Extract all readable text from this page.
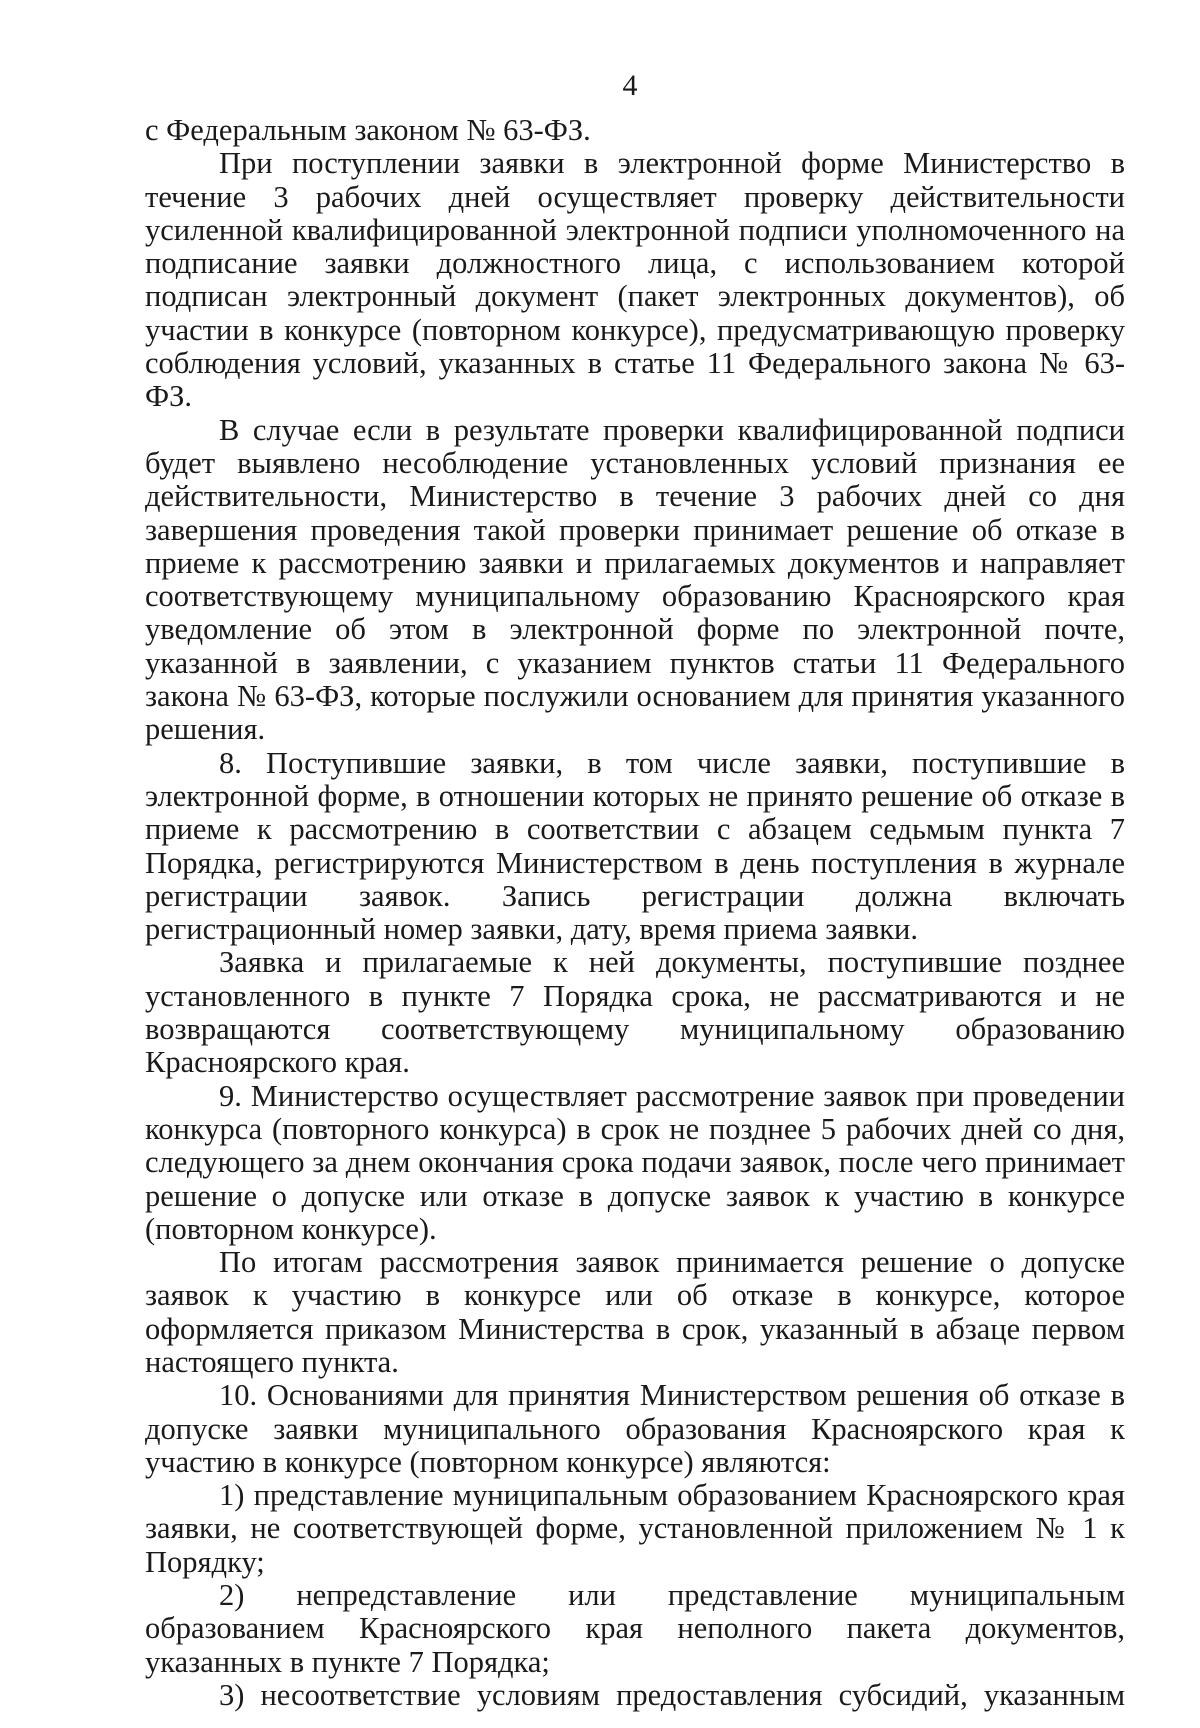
4

с Федеральным законом № 63-ФЗ.

При поступлении заявки в электронной форме Министерство в течение 3 рабочих дней осуществляет проверку действительности усиленной квалифицированной электронной подписи уполномоченного на подписание заявки должностного лица, с использованием которой подписан электронный документ (пакет электронных документов), об участии в конкурсе (повторном конкурсе), предусматривающую проверку соблюдения условий, указанных в статье 11 Федерального закона № 63-ФЗ.

В случае если в результате проверки квалифицированной подписи будет выявлено несоблюдение установленных условий признания ее действительности, Министерство в течение 3 рабочих дней со дня завершения проведения такой проверки принимает решение об отказе в приеме к рассмотрению заявки и прилагаемых документов и направляет соответствующему муниципальному образованию Красноярского края уведомление об этом в электронной форме по электронной почте, указанной в заявлении, с указанием пунктов статьи 11 Федерального закона № 63-ФЗ, которые послужили основанием для принятия указанного решения.

8. Поступившие заявки, в том числе заявки, поступившие в электронной форме, в отношении которых не принято решение об отказе в приеме к рассмотрению в соответствии с абзацем седьмым пункта 7 Порядка, регистрируются Министерством в день поступления в журнале регистрации заявок. Запись регистрации должна включать регистрационный номер заявки, дату, время приема заявки.

Заявка и прилагаемые к ней документы, поступившие позднее установленного в пункте 7 Порядка срока, не рассматриваются и не возвращаются соответствующему муниципальному образованию Красноярского края.

9. Министерство осуществляет рассмотрение заявок при проведении конкурса (повторного конкурса) в срок не позднее 5 рабочих дней со дня, следующего за днем окончания срока подачи заявок, после чего принимает решение о допуске или отказе в допуске заявок к участию в конкурсе (повторном конкурсе).

По итогам рассмотрения заявок принимается решение о допуске заявок к участию в конкурсе или об отказе в конкурсе, которое оформляется приказом Министерства в срок, указанный в абзаце первом настоящего пункта.

10. Основаниями для принятия Министерством решения об отказе в допуске заявки муниципального образования Красноярского края к участию в конкурсе (повторном конкурсе) являются:

1) представление муниципальным образованием Красноярского края заявки, не соответствующей форме, установленной приложением № 1 к Порядку;

2) непредставление или представление муниципальным образованием Красноярского края неполного пакета документов, указанных в пункте 7 Порядка;

3) несоответствие условиям предоставления субсидий, указанным
